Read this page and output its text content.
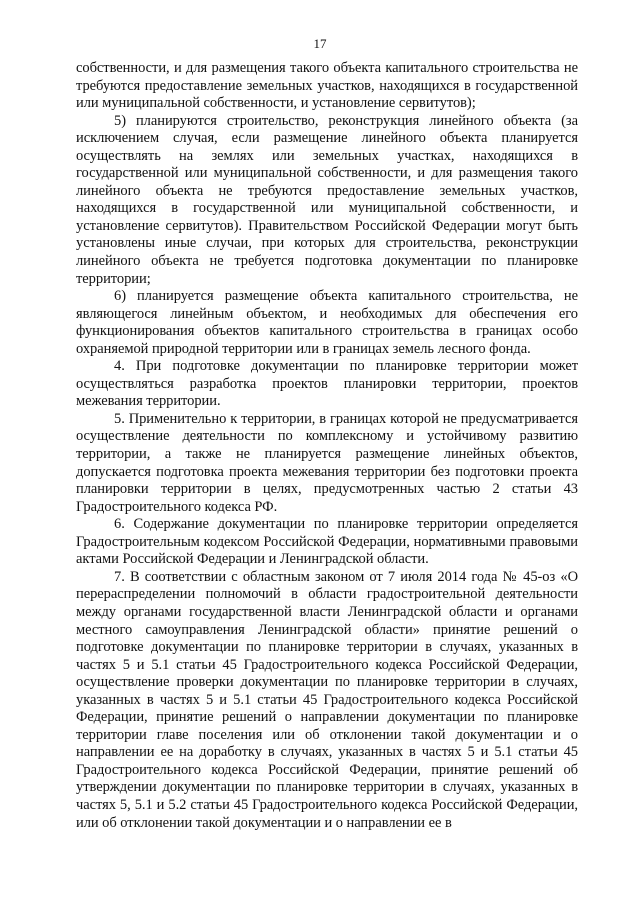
17

собственности, и для размещения такого объекта капитального строительства не требуются предоставление земельных участков, находящихся в государственной или муниципальной собственности, и установление сервитутов);

5) планируются строительство, реконструкция линейного объекта (за исключением случая, если размещение линейного объекта планируется осуществлять на землях или земельных участках, находящихся в государственной или муниципальной собственности, и для размещения такого линейного объекта не требуются предоставление земельных участков, находящихся в государственной или муниципальной собственности, и установление сервитутов). Правительством Российской Федерации могут быть установлены иные случаи, при которых для строительства, реконструкции линейного объекта не требуется подготовка документации по планировке территории;

6) планируется размещение объекта капитального строительства, не являющегося линейным объектом, и необходимых для обеспечения его функционирования объектов капитального строительства в границах особо охраняемой природной территории или в границах земель лесного фонда.

4. При подготовке документации по планировке территории может осуществляться разработка проектов планировки территории, проектов межевания территории.

5. Применительно к территории, в границах которой не предусматривается осуществление деятельности по комплексному и устойчивому развитию территории, а также не планируется размещение линейных объектов, допускается подготовка проекта межевания территории без подготовки проекта планировки территории в целях, предусмотренных частью 2 статьи 43 Градостроительного кодекса РФ.

6. Содержание документации по планировке территории определяется Градостроительным кодексом Российской Федерации, нормативными правовыми актами Российской Федерации и Ленинградской области.

7. В соответствии с областным законом от 7 июля 2014 года № 45-оз «О перераспределении полномочий в области градостроительной деятельности между органами государственной власти Ленинградской области и органами местного самоуправления Ленинградской области» принятие решений о подготовке документации по планировке территории в случаях, указанных в частях 5 и 5.1 статьи 45 Градостроительного кодекса Российской Федерации, осуществление проверки документации по планировке территории в случаях, указанных в частях 5 и 5.1 статьи 45 Градостроительного кодекса Российской Федерации, принятие решений о направлении документации по планировке территории главе поселения или об отклонении такой документации и о направлении ее на доработку в случаях, указанных в частях 5 и 5.1 статьи 45 Градостроительного кодекса Российской Федерации, принятие решений об утверждении документации по планировке территории в случаях, указанных в частях 5, 5.1 и 5.2 статьи 45 Градостроительного кодекса Российской Федерации, или об отклонении такой документации и о направлении ее в
